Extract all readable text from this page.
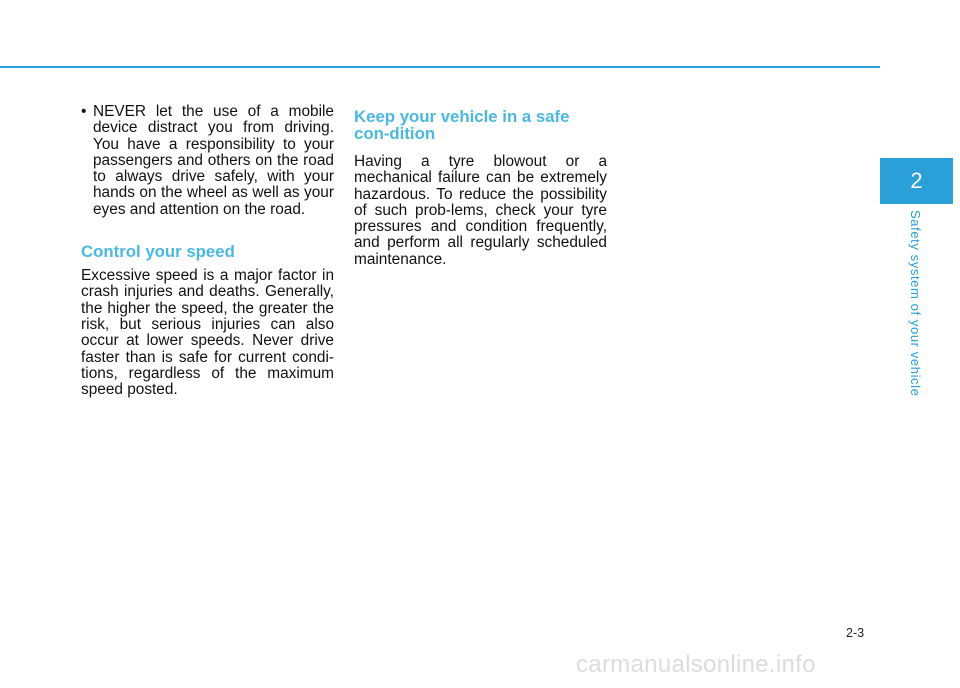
• NEVER let the use of a mobile device distract you from driving. You have a responsibility to your passengers and others on the road to always drive safely, with your hands on the wheel as well as your eyes and attention on the road.
Control your speed

Excessive speed is a major factor in crash injuries and deaths. Generally, the higher the speed, the greater the risk, but serious injuries can also occur at lower speeds. Never drive faster than is safe for current condi-tions, regardless of the maximum speed posted.

Keep your vehicle in a safe con-dition

Having a tyre blowout or a mechanical failure can be extremely hazardous. To reduce the possibility of such prob-lems, check your tyre pressures and condition frequently, and perform all regularly scheduled maintenance.

2
Safety system of your vehicle
2-3
carmanualsonline.info
